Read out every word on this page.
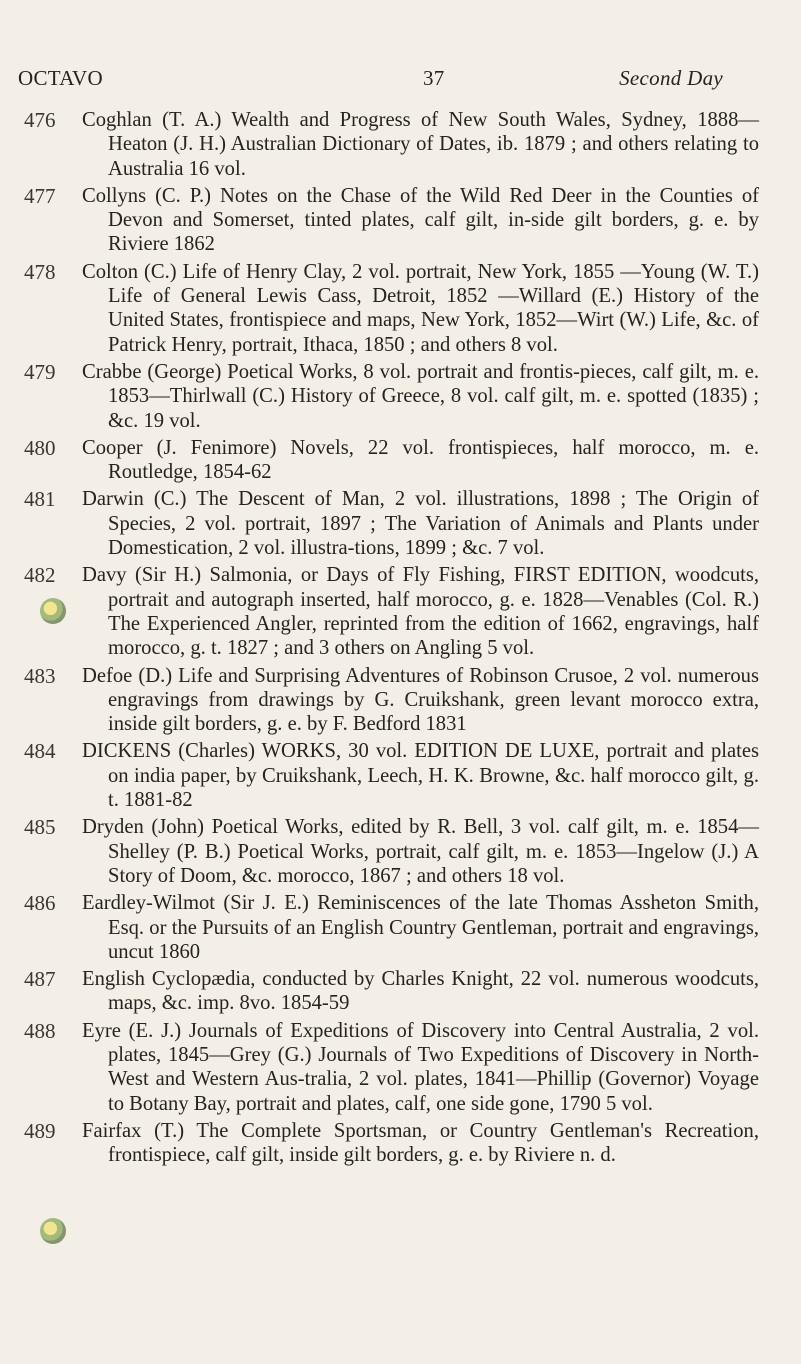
OCTAVO	37	Second Day
476	Coghlan (T. A.) Wealth and Progress of New South Wales, Sydney, 1888—Heaton (J. H.) Australian Dictionary of Dates, ib. 1879 ; and others relating to Australia 16 vol.
477	Collyns (C. P.) Notes on the Chase of the Wild Red Deer in the Counties of Devon and Somerset, tinted plates, calf gilt, in-side gilt borders, g. e. by Riviere 1862
478	Colton (C.) Life of Henry Clay, 2 vol. portrait, New York, 1855 —Young (W. T.) Life of General Lewis Cass, Detroit, 1852 —Willard (E.) History of the United States, frontispiece and maps, New York, 1852—Wirt (W.) Life, &c. of Patrick Henry, portrait, Ithaca, 1850 ; and others 8 vol.
479	Crabbe (George) Poetical Works, 8 vol. portrait and frontis-pieces, calf gilt, m. e. 1853—Thirlwall (C.) History of Greece, 8 vol. calf gilt, m. e. spotted (1835) ; &c. 19 vol.
480	Cooper (J. Fenimore) Novels, 22 vol. frontispieces, half morocco, m. e. Routledge, 1854-62
481	Darwin (C.) The Descent of Man, 2 vol. illustrations, 1898 ; The Origin of Species, 2 vol. portrait, 1897 ; The Variation of Animals and Plants under Domestication, 2 vol. illustra-tions, 1899 ; &c. 7 vol.
482	Davy (Sir H.) Salmonia, or Days of Fly Fishing, FIRST EDITION, woodcuts, portrait and autograph inserted, half morocco, g. e. 1828—Venables (Col. R.) The Experienced Angler, reprinted from the edition of 1662, engravings, half morocco, g. t. 1827 ; and 3 others on Angling 5 vol.
483	Defoe (D.) Life and Surprising Adventures of Robinson Crusoe, 2 vol. numerous engravings from drawings by G. Cruikshank, green levant morocco extra, inside gilt borders, g. e. by F. Bedford 1831
484	DICKENS (Charles) WORKS, 30 vol. EDITION DE LUXE, portrait and plates on india paper, by Cruikshank, Leech, H. K. Browne, &c. half morocco gilt, g. t. 1881-82
485	Dryden (John) Poetical Works, edited by R. Bell, 3 vol. calf gilt, m. e. 1854—Shelley (P. B.) Poetical Works, portrait, calf gilt, m. e. 1853—Ingelow (J.) A Story of Doom, &c. morocco, 1867 ; and others 18 vol.
486	Eardley-Wilmot (Sir J. E.) Reminiscences of the late Thomas Assheton Smith, Esq. or the Pursuits of an English Country Gentleman, portrait and engravings, uncut 1860
487	English Cyclopædia, conducted by Charles Knight, 22 vol. numerous woodcuts, maps, &c. imp. 8vo. 1854-59
488	Eyre (E. J.) Journals of Expeditions of Discovery into Central Australia, 2 vol. plates, 1845—Grey (G.) Journals of Two Expeditions of Discovery in North-West and Western Aus-tralia, 2 vol. plates, 1841—Phillip (Governor) Voyage to Botany Bay, portrait and plates, calf, one side gone, 1790 5 vol.
489	Fairfax (T.) The Complete Sportsman, or Country Gentleman's Recreation, frontispiece, calf gilt, inside gilt borders, g. e. by Riviere n. d.
